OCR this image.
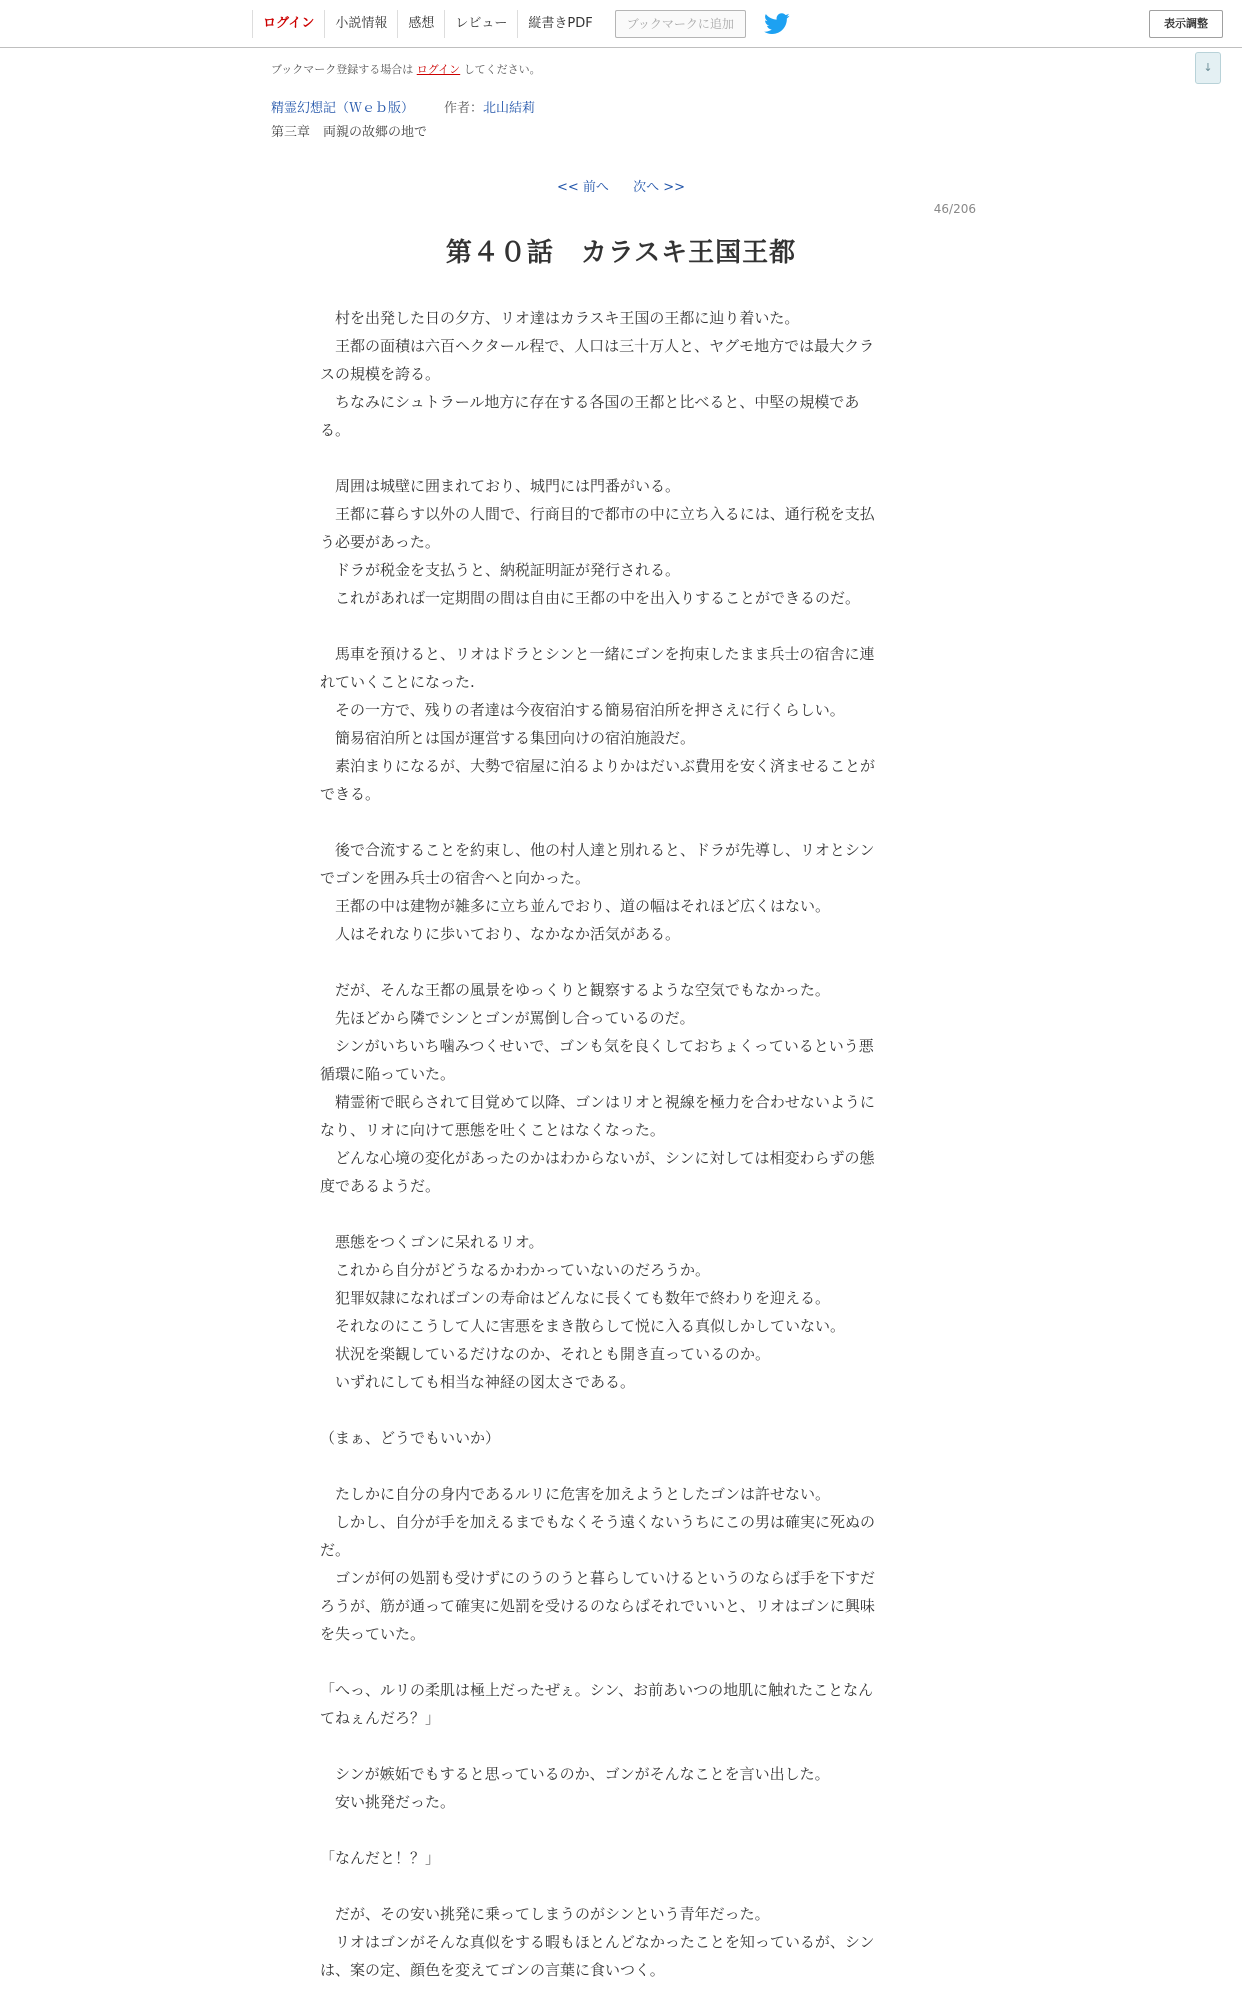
ログイン	小説情報	感想	レビュー	縦書きPDF	ブックマークに追加	表示調整
↓
ブックマーク登録する場合は ログイン してください。
精霊幻想記（Ｗｅｂ版） 作者：北山結莉
第三章　両親の故郷の地で
<< 前へ 次へ >>
46/206
第４０話　カラスキ王国王都

　村を出発した日の夕方、リオ達はカラスキ王国の王都に辿り着いた。

　王都の面積は六百ヘクタール程で、人口は三十万人と、ヤグモ地方では最大クラ

スの規模を誇る。

　ちなみにシュトラール地方に存在する各国の王都と比べると、中堅の規模であ

る。

　周囲は城壁に囲まれており、城門には門番がいる。

　王都に暮らす以外の人間で、行商目的で都市の中に立ち入るには、通行税を支払

う必要があった。

　ドラが税金を支払うと、納税証明証が発行される。

　これがあれば一定期間の間は自由に王都の中を出入りすることができるのだ。

　馬車を預けると、リオはドラとシンと一緒にゴンを拘束したまま兵士の宿舎に連

れていくことになった.

　その一方で、残りの者達は今夜宿泊する簡易宿泊所を押さえに行くらしい。

　簡易宿泊所とは国が運営する集団向けの宿泊施設だ。

　素泊まりになるが、大勢で宿屋に泊るよりかはだいぶ費用を安く済ませることが

できる。

　後で合流することを約束し、他の村人達と別れると、ドラが先導し、リオとシン

でゴンを囲み兵士の宿舎へと向かった。

　王都の中は建物が雑多に立ち並んでおり、道の幅はそれほど広くはない。

　人はそれなりに歩いており、なかなか活気がある。

　だが、そんな王都の風景をゆっくりと観察するような空気でもなかった。

　先ほどから隣でシンとゴンが罵倒し合っているのだ。

　シンがいちいち噛みつくせいで、ゴンも気を良くしておちょくっているという悪

循環に陥っていた。

　精霊術で眠らされて目覚めて以降、ゴンはリオと視線を極力を合わせないように

なり、リオに向けて悪態を吐くことはなくなった。

　どんな心境の変化があったのかはわからないが、シンに対しては相変わらずの態

度であるようだ。

　悪態をつくゴンに呆れるリオ。

　これから自分がどうなるかわかっていないのだろうか。

　犯罪奴隷になればゴンの寿命はどんなに長くても数年で終わりを迎える。

　それなのにこうして人に害悪をまき散らして悦に入る真似しかしていない。

　状況を楽観しているだけなのか、それとも開き直っているのか。

　いずれにしても相当な神経の図太さである。

（まぁ、どうでもいいか）

　たしかに自分の身内であるルリに危害を加えようとしたゴンは許せない。

　しかし、自分が手を加えるまでもなくそう遠くないうちにこの男は確実に死ぬの

だ。

　ゴンが何の処罰も受けずにのうのうと暮らしていけるというのならば手を下すだ

ろうが、筋が通って確実に処罰を受けるのならばそれでいいと、リオはゴンに興味

を失っていた。

「へっ、ルリの柔肌は極上だったぜぇ。シン、お前あいつの地肌に触れたことなん

てねぇんだろ？」

　シンが嫉妬でもすると思っているのか、ゴンがそんなことを言い出した。

　安い挑発だった。

「なんだと！？」

　だが、その安い挑発に乗ってしまうのがシンという青年だった。

　リオはゴンがそんな真似をする暇もほとんどなかったことを知っているが、シン

は、案の定、顔色を変えてゴンの言葉に食いつく。
